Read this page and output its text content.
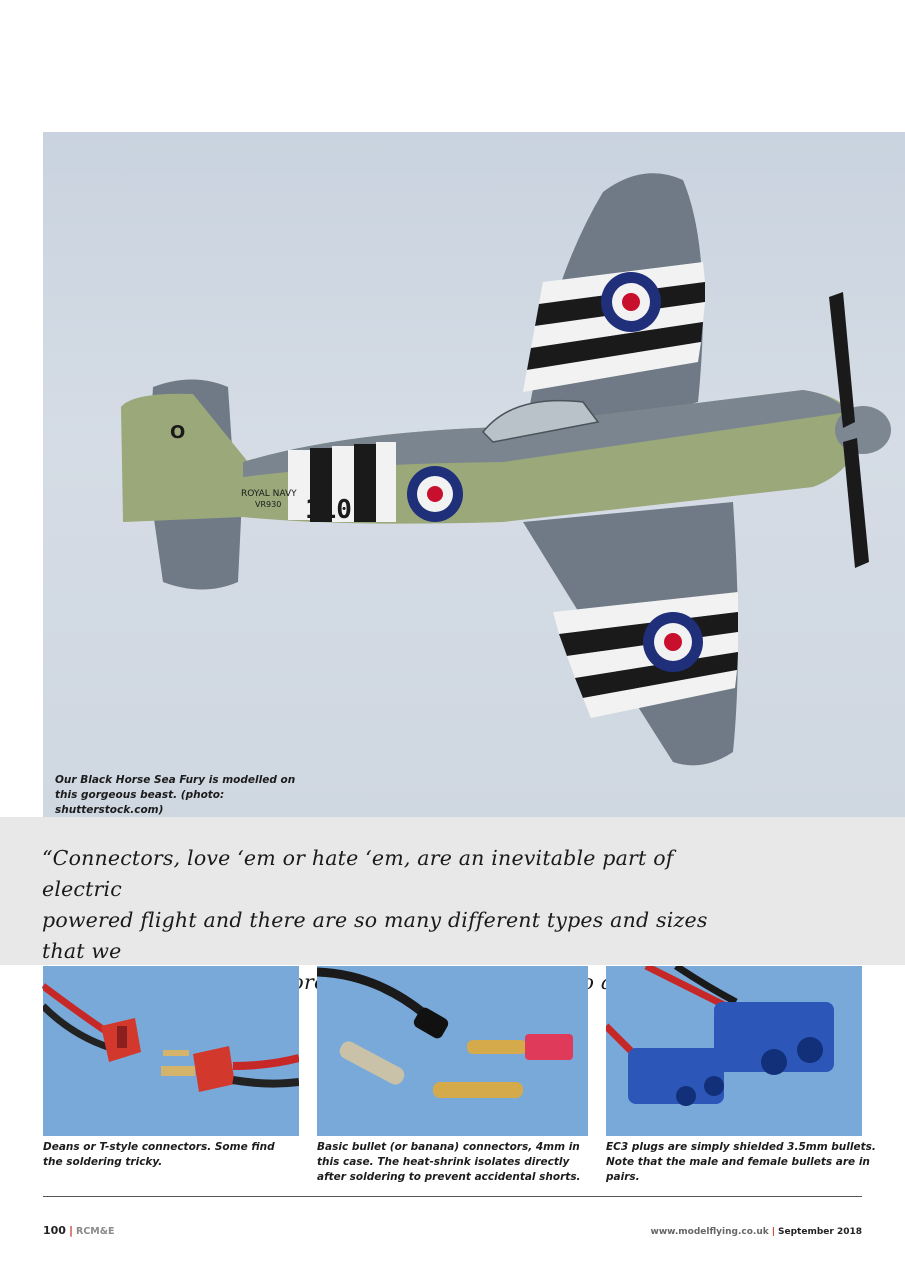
O
110
ROYAL NAVY
VR930
Our Black Horse Sea Fury is modelled on this gorgeous beast. (photo: shutterstock.com)
“Connectors, love ‘em or hate ‘em, are an inevitable part of electric
powered flight and there are so many different types and sizes that we
Deans or T-style connectors. Some find the soldering tricky.
Basic bullet (or banana) connectors, 4mm in this case. The heat-shrink isolates directly after soldering to prevent accidental shorts.
EC3 plugs are simply shielded 3.5mm bullets. Note that the male and female bullets are in pairs.
100 | RCM&E	www.modelflying.co.uk | September 2018
